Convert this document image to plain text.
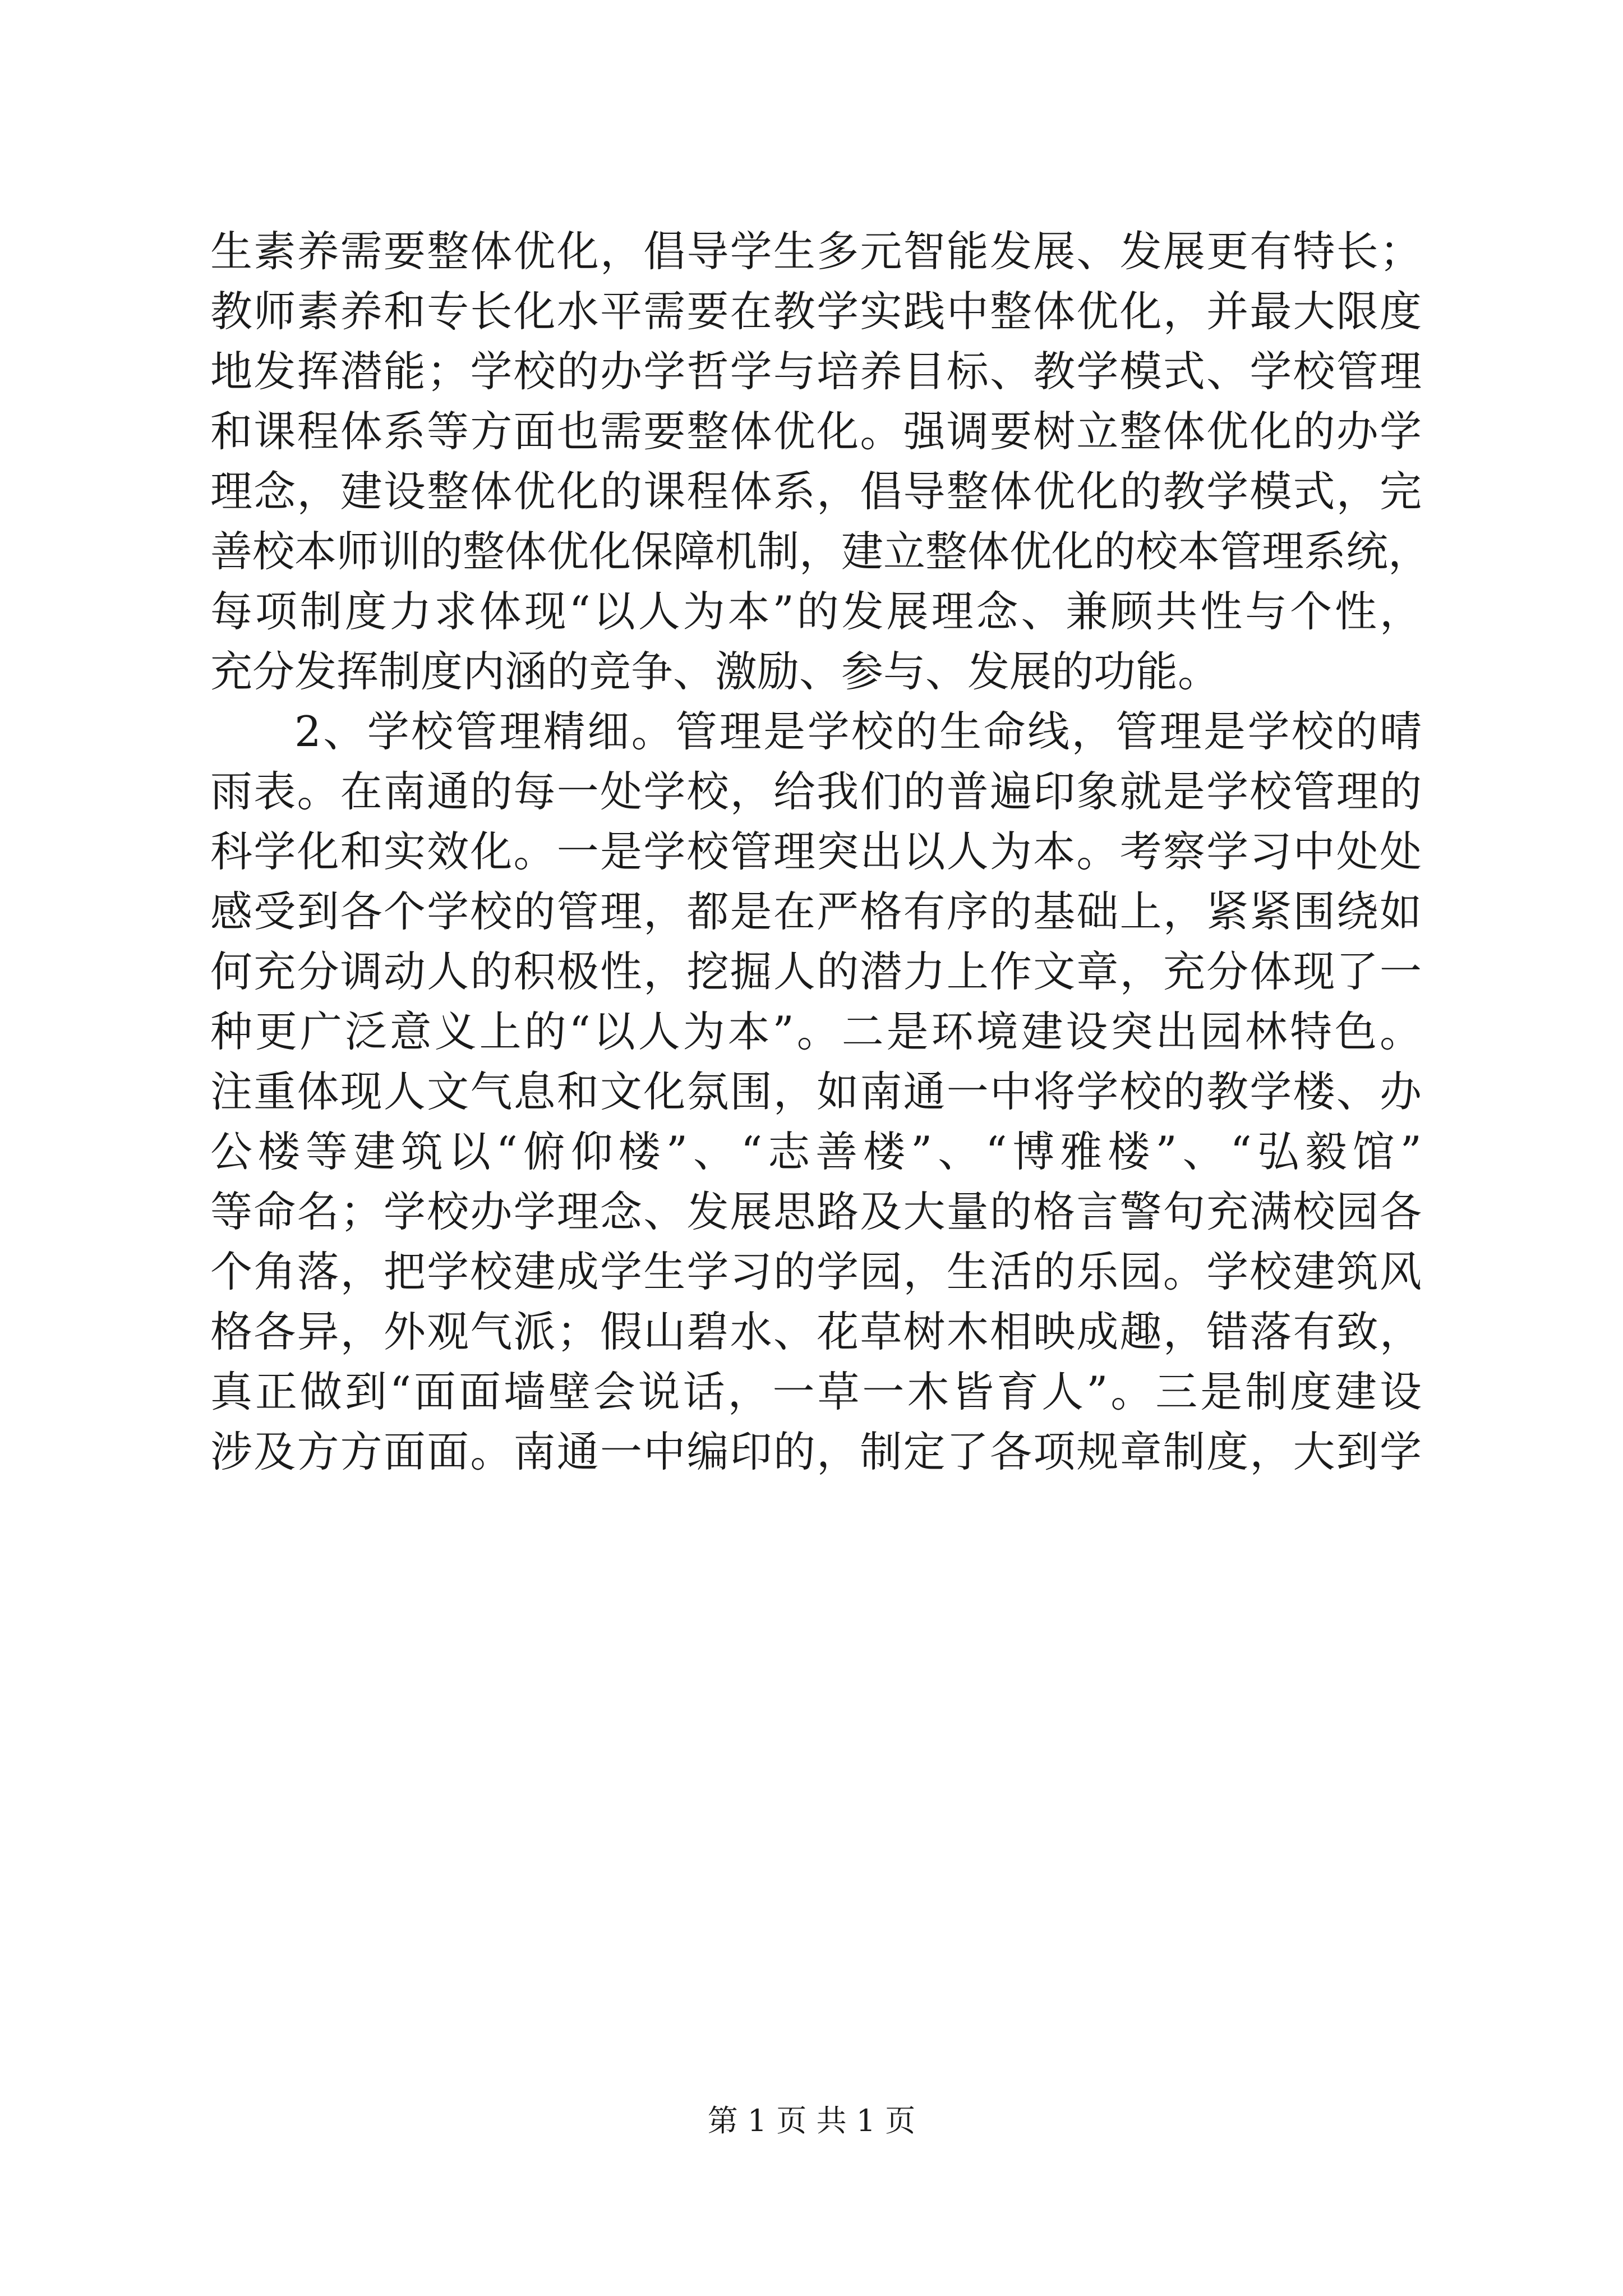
生素养需要整体优化，倡导学生多元智能发展、发展更有特长；
教师素养和专长化水平需要在教学实践中整体优化，并最大限度
地发挥潜能；学校的办学哲学与培养目标、教学模式、学校管理
和课程体系等方面也需要整体优化。强调要树立整体优化的办学
理念，建设整体优化的课程体系，倡导整体优化的教学模式，完
善校本师训的整体优化保障机制，建立整体优化的校本管理系统，
每项制度力求体现“以人为本”的发展理念、兼顾共性与个性，
充分发挥制度内涵的竞争、激励、参与、发展的功能。
2、学校管理精细。管理是学校的生命线，管理是学校的晴
雨表。在南通的每一处学校，给我们的普遍印象就是学校管理的
科学化和实效化。一是学校管理突出以人为本。考察学习中处处
感受到各个学校的管理，都是在严格有序的基础上，紧紧围绕如
何充分调动人的积极性，挖掘人的潜力上作文章，充分体现了一
种更广泛意义上的“以人为本”。二是环境建设突出园林特色。
注重体现人文气息和文化氛围，如南通一中将学校的教学楼、办
公楼等建筑以“俯仰楼”、“志善楼”、“博雅楼”、“弘毅馆”
等命名；学校办学理念、发展思路及大量的格言警句充满校园各
个角落，把学校建成学生学习的学园，生活的乐园。学校建筑风
格各异，外观气派；假山碧水、花草树木相映成趣，错落有致，
真正做到“面面墙壁会说话，一草一木皆育人”。三是制度建设
涉及方方面面。南通一中编印的，制定了各项规章制度，大到学
第 1 页 共 1 页
